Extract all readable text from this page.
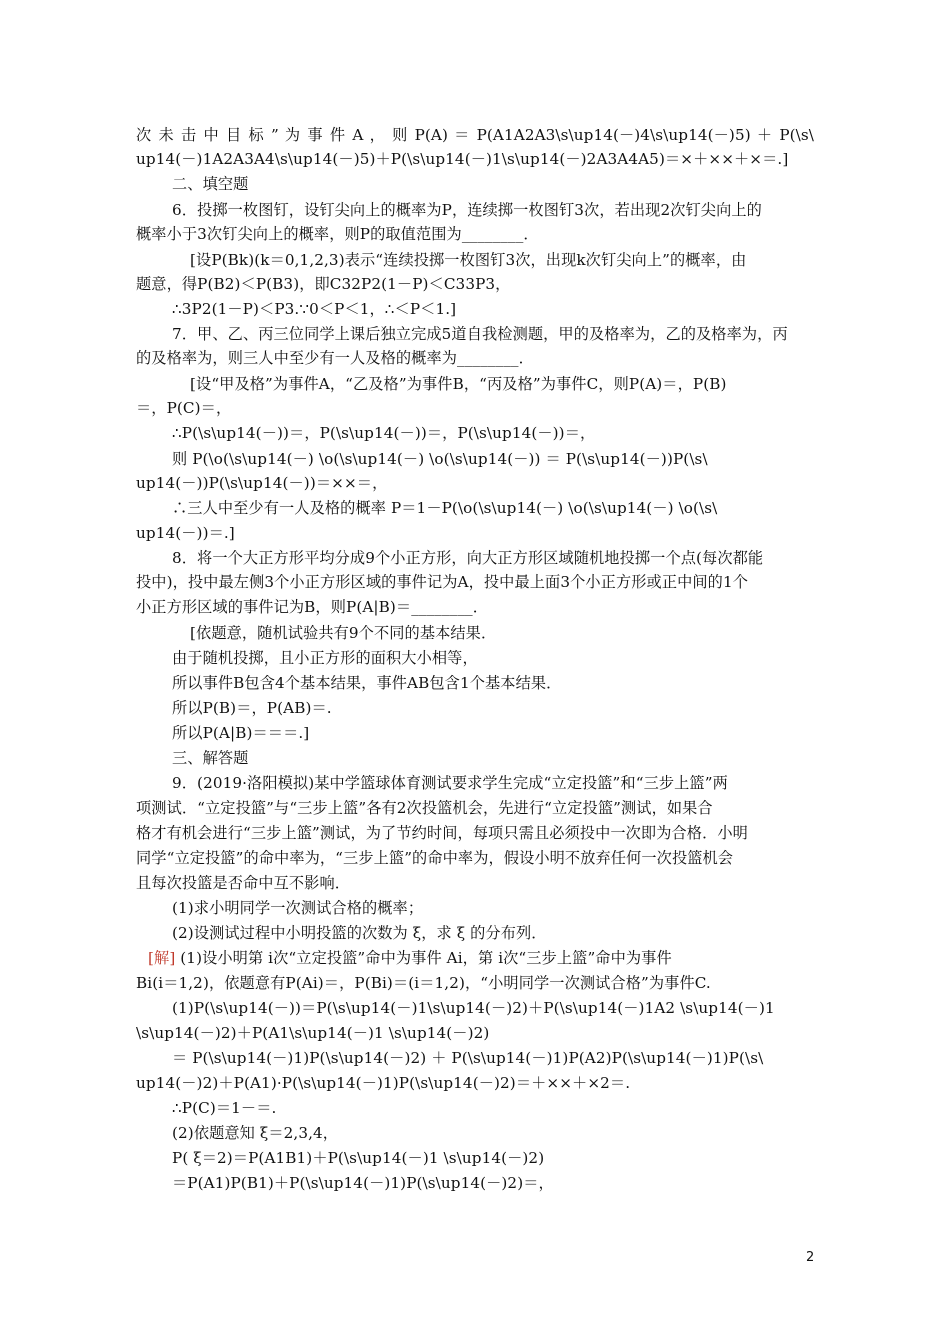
次 未 击 中 目 标 ” 为 事 件 A ， 则 P(A) ＝ P(A1A2A3\s\up14(－)4\s\up14(－)5) ＋ P(\s\
up14(－)1A2A3A4\s\up14(－)5)＋P(\s\up14(－)1\s\up14(－)2A3A4A5)＝×＋××＋×＝.]
二、填空题
6．投掷一枚图钉，设钉尖向上的概率为P，连续掷一枚图钉3次，若出现2次钉尖向上的
概率小于3次钉尖向上的概率，则P的取值范围为________．
[设P(Bk)(k＝0,1,2,3)表示“连续投掷一枚图钉3次，出现k次钉尖向上”的概率，由
题意，得P(B2)＜P(B3)，即C32P2(1－P)＜C33P3，
∴3P2(1－P)＜P3.∵0＜P＜1，∴＜P＜1.]
7．甲、乙、丙三位同学上课后独立完成5道自我检测题，甲的及格率为，乙的及格率为，丙
的及格率为，则三人中至少有一人及格的概率为________．
[设“甲及格”为事件A，“乙及格”为事件B，“丙及格”为事件C，则P(A)＝，P(B)
＝，P(C)＝，
∴P(\s\up14(－))＝，P(\s\up14(－))＝，P(\s\up14(－))＝，
则 P(\o(\s\up14(－) \o(\s\up14(－) \o(\s\up14(－)) ＝ P(\s\up14(－))P(\s\
up14(－))P(\s\up14(－))＝××＝，
∴三人中至少有一人及格的概率 P＝1－P(\o(\s\up14(－) \o(\s\up14(－) \o(\s\
up14(－))＝.]
8．将一个大正方形平均分成9个小正方形，向大正方形区域随机地投掷一个点(每次都能
投中)，投中最左侧3个小正方形区域的事件记为A，投中最上面3个小正方形或正中间的1个
小正方形区域的事件记为B，则P(A|B)＝________．
[依题意，随机试验共有9个不同的基本结果．
由于随机投掷，且小正方形的面积大小相等，
所以事件B包含4个基本结果，事件AB包含1个基本结果．
所以P(B)＝，P(AB)＝.
所以P(A|B)＝＝＝.]
三、解答题
9．(2019·洛阳模拟)某中学篮球体育测试要求学生完成“立定投篮”和“三步上篮”两
项测试．“立定投篮”与“三步上篮”各有2次投篮机会，先进行“立定投篮”测试，如果合
格才有机会进行“三步上篮”测试，为了节约时间，每项只需且必须投中一次即为合格．小明
同学“立定投篮”的命中率为，“三步上篮”的命中率为，假设小明不放弃任何一次投篮机会
且每次投篮是否命中互不影响．
(1)求小明同学一次测试合格的概率；
(2)设测试过程中小明投篮的次数为 ξ，求 ξ 的分布列．
[解] (1)设小明第 i次“立定投篮”命中为事件 Ai，第 i次“三步上篮”命中为事件
Bi(i＝1,2)，依题意有P(Ai)＝，P(Bi)＝(i＝1,2)，“小明同学一次测试合格”为事件C.
(1)P(\s\up14(－))＝P(\s\up14(－)1\s\up14(－)2)＋P(\s\up14(－)1A2 \s\up14(－)1
\s\up14(－)2)＋P(A1\s\up14(－)1 \s\up14(－)2)
＝ P(\s\up14(－)1)P(\s\up14(－)2) ＋ P(\s\up14(－)1)P(A2)P(\s\up14(－)1)P(\s\
up14(－)2)＋P(A1)·P(\s\up14(－)1)P(\s\up14(－)2)＝＋××＋×2＝.
∴P(C)＝1－＝.
(2)依题意知 ξ＝2,3,4，
P( ξ＝2)＝P(A1B1)＋P(\s\up14(－)1 \s\up14(－)2)
＝P(A1)P(B1)＋P(\s\up14(－)1)P(\s\up14(－)2)＝，
2
